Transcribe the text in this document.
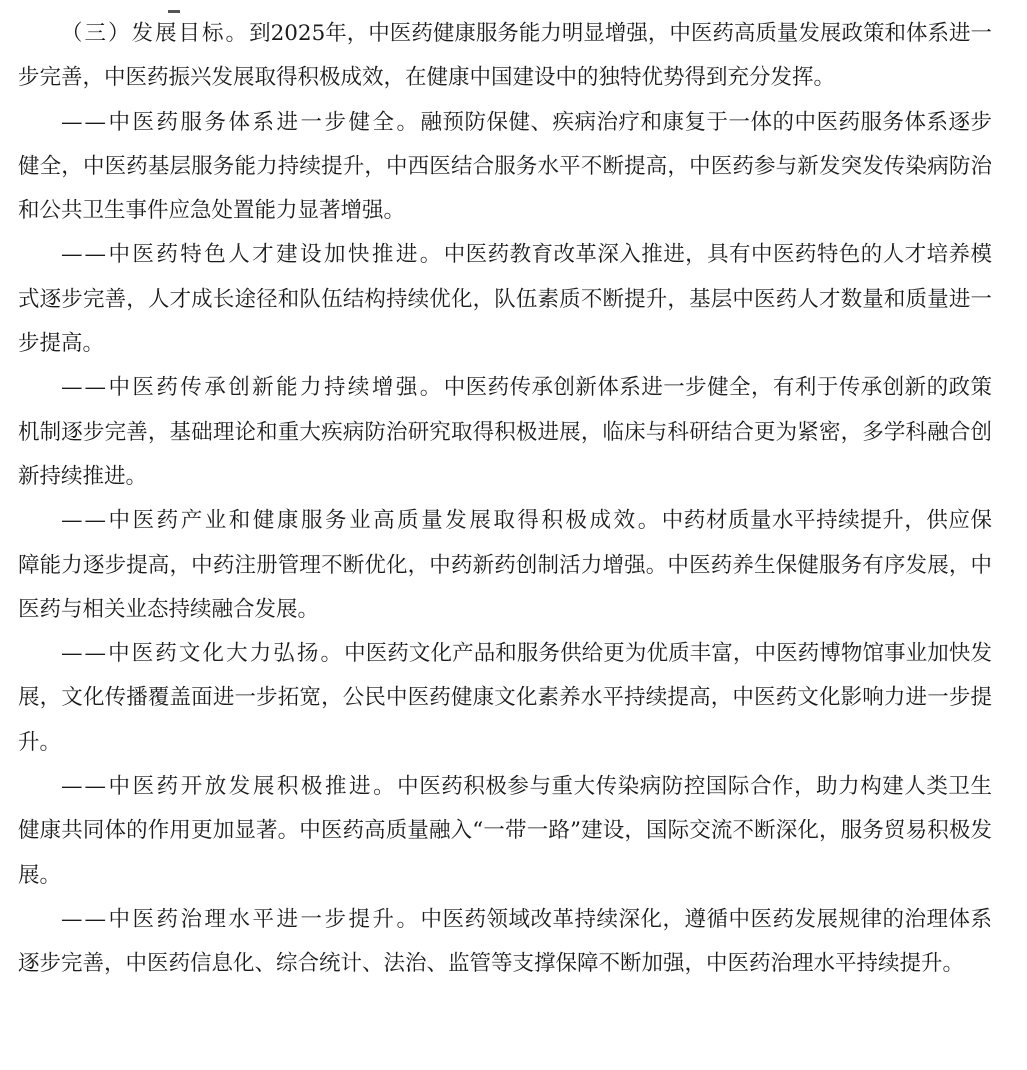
（三）发展目标。到2025年，中医药健康服务能力明显增强，中医药高质量发展政策和体系进一步完善，中医药振兴发展取得积极成效，在健康中国建设中的独特优势得到充分发挥。

——中医药服务体系进一步健全。融预防保健、疾病治疗和康复于一体的中医药服务体系逐步健全，中医药基层服务能力持续提升，中西医结合服务水平不断提高，中医药参与新发突发传染病防治和公共卫生事件应急处置能力显著增强。

——中医药特色人才建设加快推进。中医药教育改革深入推进，具有中医药特色的人才培养模式逐步完善，人才成长途径和队伍结构持续优化，队伍素质不断提升，基层中医药人才数量和质量进一步提高。

——中医药传承创新能力持续增强。中医药传承创新体系进一步健全，有利于传承创新的政策机制逐步完善，基础理论和重大疾病防治研究取得积极进展，临床与科研结合更为紧密，多学科融合创新持续推进。

——中医药产业和健康服务业高质量发展取得积极成效。中药材质量水平持续提升，供应保障能力逐步提高，中药注册管理不断优化，中药新药创制活力增强。中医药养生保健服务有序发展，中医药与相关业态持续融合发展。

——中医药文化大力弘扬。中医药文化产品和服务供给更为优质丰富，中医药博物馆事业加快发展，文化传播覆盖面进一步拓宽，公民中医药健康文化素养水平持续提高，中医药文化影响力进一步提升。

——中医药开放发展积极推进。中医药积极参与重大传染病防控国际合作，助力构建人类卫生健康共同体的作用更加显著。中医药高质量融入“一带一路”建设，国际交流不断深化，服务贸易积极发展。

——中医药治理水平进一步提升。中医药领域改革持续深化，遵循中医药发展规律的治理体系逐步完善，中医药信息化、综合统计、法治、监管等支撑保障不断加强，中医药治理水平持续提升。
